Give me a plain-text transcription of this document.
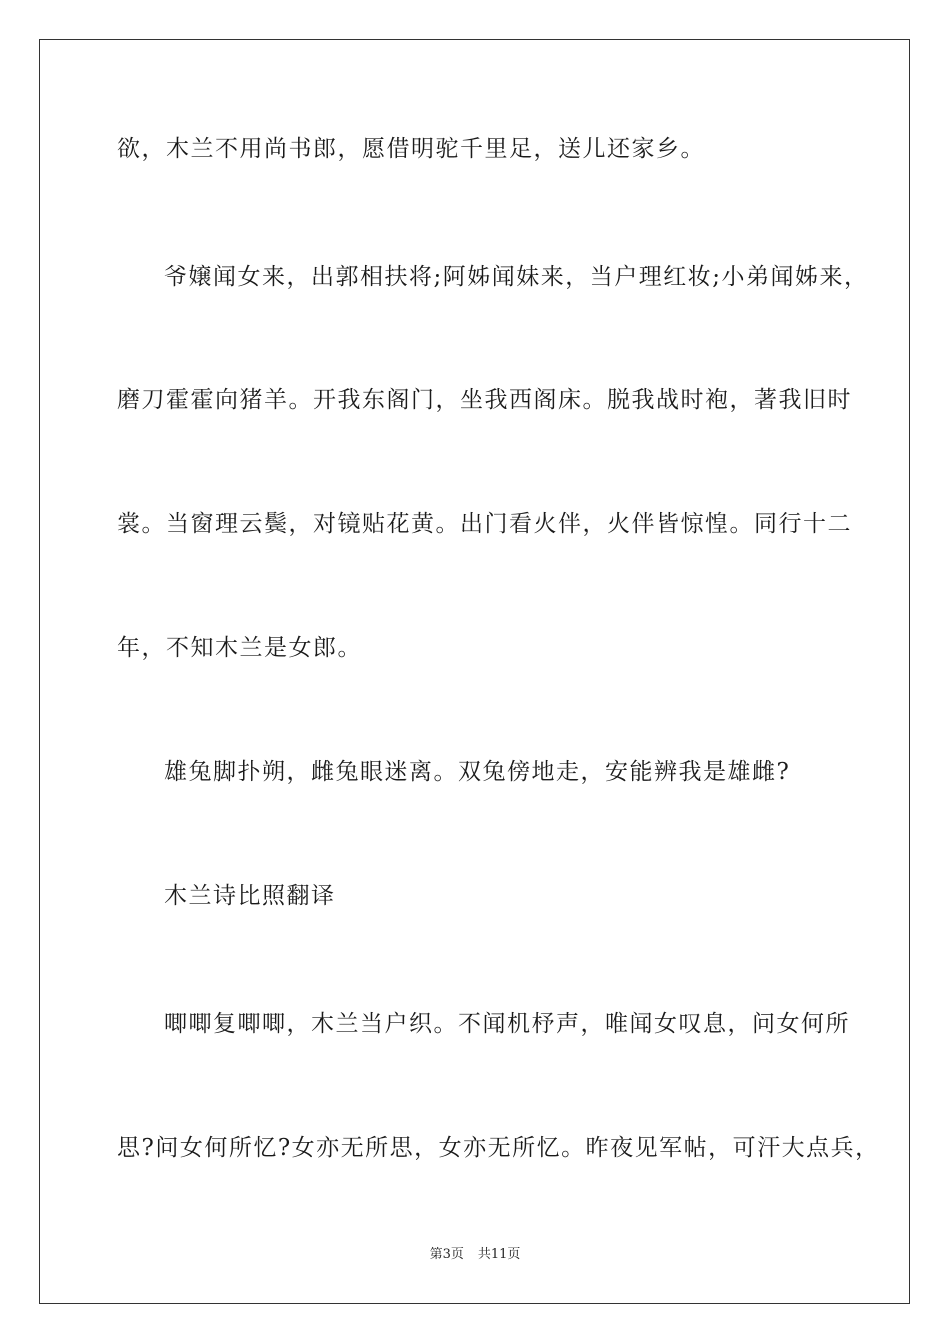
欲，木兰不用尚书郎，愿借明驼千里足，送儿还家乡。
爷嬢闻女来，出郭相扶将;阿姊闻妹来，当户理红妆;小弟闻姊来，
磨刀霍霍向猪羊。开我东阁门，坐我西阁床。脱我战时袍，著我旧时
裳。当窗理云鬓，对镜贴花黄。出门看火伴，火伴皆惊惶。同行十二
年，不知木兰是女郎。
雄兔脚扑朔，雌兔眼迷离。双兔傍地走，安能辨我是雄雌?
木兰诗比照翻译
唧唧复唧唧，木兰当户织。不闻机杼声，唯闻女叹息，问女何所
思?问女何所忆?女亦无所思，女亦无所忆。昨夜见军帖，可汗大点兵，
第3页 共11页
